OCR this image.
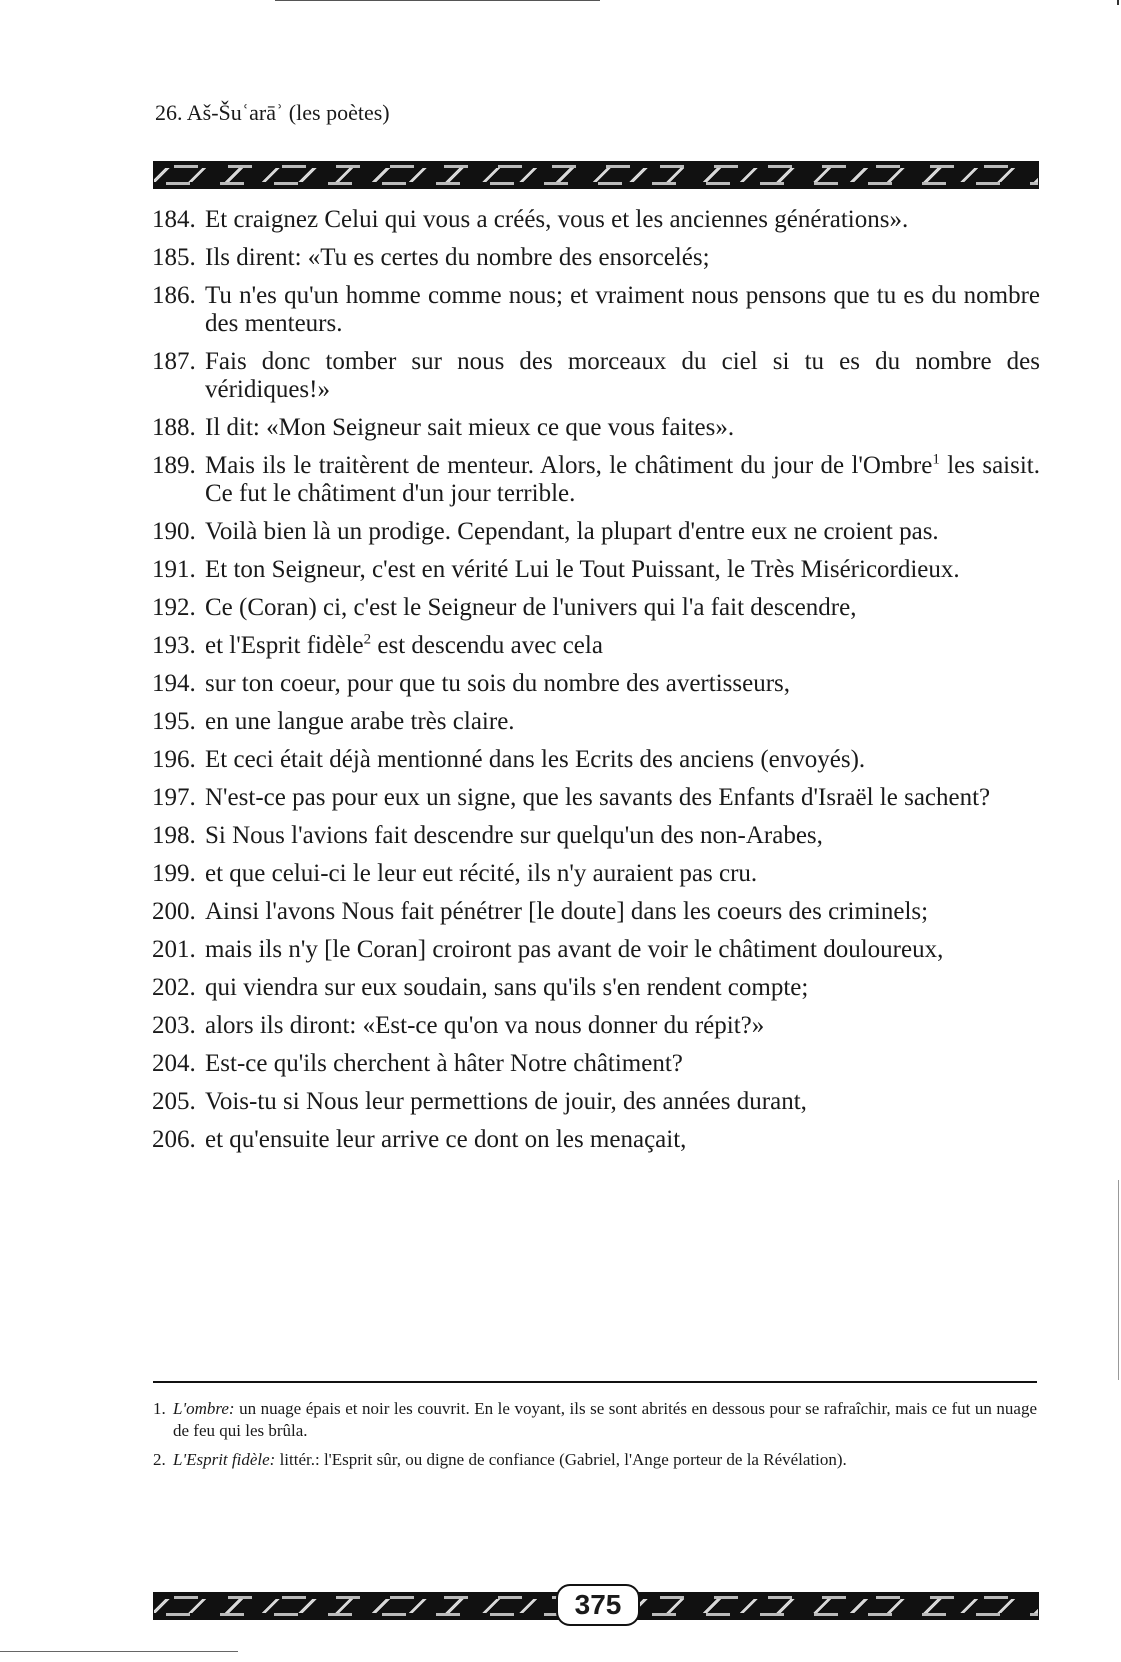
26. Aš-Šuʿarāʾ (les poètes)
184. Et craignez Celui qui vous a créés, vous et les anciennes générations».
185. Ils dirent: «Tu es certes du nombre des ensorcelés;
186. Tu n'es qu'un homme comme nous; et vraiment nous pensons que tu es du nombre des menteurs.
187. Fais donc tomber sur nous des morceaux du ciel si tu es du nombre des véridiques!»
188. Il dit: «Mon Seigneur sait mieux ce que vous faites».
189. Mais ils le traitèrent de menteur. Alors, le châtiment du jour de l'Ombre$^1$ les saisit. Ce fut le châtiment d'un jour terrible.
190. Voilà bien là un prodige. Cependant, la plupart d'entre eux ne croient pas.
191. Et ton Seigneur, c'est en vérité Lui le Tout Puissant, le Très Miséricordieux.
192. Ce (Coran) ci, c'est le Seigneur de l'univers qui l'a fait descendre,
193. et l'Esprit fidèle$^2$ est descendu avec cela
194. sur ton coeur, pour que tu sois du nombre des avertisseurs,
195. en une langue arabe très claire.
196. Et ceci était déjà mentionné dans les Ecrits des anciens (envoyés).
197. N'est-ce pas pour eux un signe, que les savants des Enfants d'Israël le sachent?
198. Si Nous l'avions fait descendre sur quelqu'un des non-Arabes,
199. et que celui-ci le leur eut récité, ils n'y auraient pas cru.
200. Ainsi l'avons Nous fait pénétrer [le doute] dans les coeurs des criminels;
201. mais ils n'y [le Coran] croiront pas avant de voir le châtiment douloureux,
202. qui viendra sur eux soudain, sans qu'ils s'en rendent compte;
203. alors ils diront: «Est-ce qu'on va nous donner du répit?»
204. Est-ce qu'ils cherchent à hâter Notre châtiment?
205. Vois-tu si Nous leur permettions de jouir, des années durant,
206. et qu'ensuite leur arrive ce dont on les menaçait,
1. L'ombre: un nuage épais et noir les couvrit. En le voyant, ils se sont abrités en dessous pour se rafraîchir, mais ce fut un nuage de feu qui les brûla.
2. L'Esprit fidèle: littér.: l'Esprit sûr, ou digne de confiance (Gabriel, l'Ange porteur de la Révélation).
375
